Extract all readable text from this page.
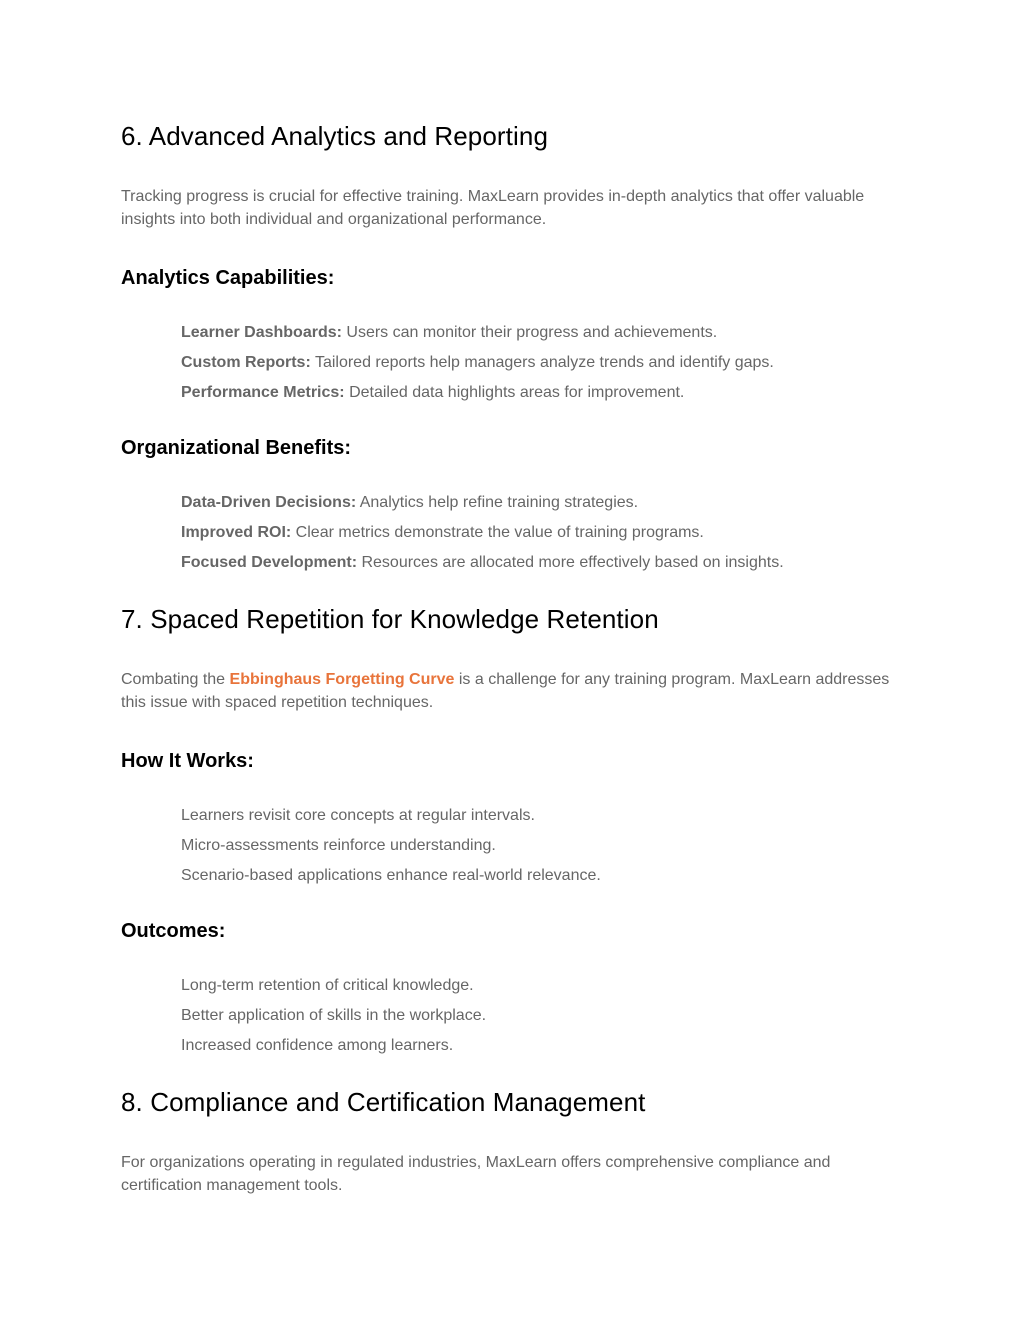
6. Advanced Analytics and Reporting

Tracking progress is crucial for effective training. MaxLearn provides in-depth analytics that offer valuable insights into both individual and organizational performance.

Analytics Capabilities:

Learner Dashboards: Users can monitor their progress and achievements.

Custom Reports: Tailored reports help managers analyze trends and identify gaps.

Performance Metrics: Detailed data highlights areas for improvement.

Organizational Benefits:

Data-Driven Decisions: Analytics help refine training strategies.

Improved ROI: Clear metrics demonstrate the value of training programs.

Focused Development: Resources are allocated more effectively based on insights.

7. Spaced Repetition for Knowledge Retention

Combating the Ebbinghaus Forgetting Curve is a challenge for any training program. MaxLearn addresses this issue with spaced repetition techniques.

How It Works:

Learners revisit core concepts at regular intervals.

Micro-assessments reinforce understanding.

Scenario-based applications enhance real-world relevance.

Outcomes:

Long-term retention of critical knowledge.

Better application of skills in the workplace.

Increased confidence among learners.

8. Compliance and Certification Management

For organizations operating in regulated industries, MaxLearn offers comprehensive compliance and certification management tools.
